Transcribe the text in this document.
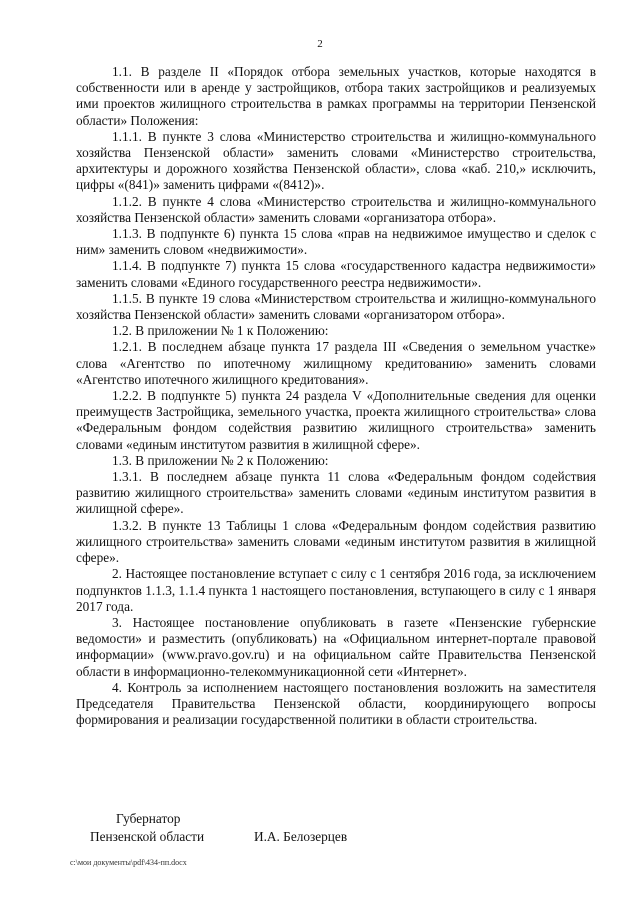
2

1.1. В разделе II «Порядок отбора земельных участков, которые находятся в собственности или в аренде у застройщиков, отбора таких застройщиков и реализуемых ими проектов жилищного строительства в рамках программы на территории Пензенской области» Положения:

1.1.1. В пункте 3 слова «Министерство строительства и жилищно-коммунального хозяйства Пензенской области» заменить словами «Министерство строительства, архитектуры и дорожного хозяйства Пензенской области», слова «каб. 210,» исключить, цифры «(841)» заменить цифрами «(8412)».

1.1.2. В пункте 4 слова «Министерство строительства и жилищно-коммунального хозяйства Пензенской области» заменить словами «организатора отбора».

1.1.3. В подпункте 6) пункта 15 слова «прав на недвижимое имущество и сделок с ним» заменить словом «недвижимости».

1.1.4. В подпункте 7) пункта 15 слова «государственного кадастра недвижимости» заменить словами «Единого государственного реестра недвижимости».

1.1.5. В пункте 19 слова «Министерством строительства и жилищно-коммунального хозяйства Пензенской области» заменить словами «организатором отбора».

1.2. В приложении № 1 к Положению:

1.2.1. В последнем абзаце пункта 17 раздела III «Сведения о земельном участке» слова «Агентство по ипотечному жилищному кредитованию» заменить словами «Агентство ипотечного жилищного кредитования».

1.2.2. В подпункте 5) пункта 24 раздела V «Дополнительные сведения для оценки преимуществ Застройщика, земельного участка, проекта жилищного строительства» слова «Федеральным фондом содействия развитию жилищного строительства» заменить словами «единым институтом развития в жилищной сфере».

1.3. В приложении № 2 к Положению:

1.3.1. В последнем абзаце пункта 11 слова «Федеральным фондом содействия развитию жилищного строительства» заменить словами «единым институтом развития в жилищной сфере».

1.3.2. В пункте 13 Таблицы 1 слова «Федеральным фондом содействия развитию жилищного строительства» заменить словами «единым институтом развития в жилищной сфере».

2. Настоящее постановление вступает с силу с 1 сентября 2016 года, за исключением подпунктов 1.1.3, 1.1.4 пункта 1 настоящего постановления, вступающего в силу с 1 января 2017 года.

3. Настоящее постановление опубликовать в газете «Пензенские губернские ведомости» и разместить (опубликовать) на «Официальном интернет-портале правовой информации» (www.pravo.gov.ru) и на официальном сайте Правительства Пензенской области в информационно-телекоммуникационной сети «Интернет».

4. Контроль за исполнением настоящего постановления возложить на заместителя Председателя Правительства Пензенской области, координирующего вопросы формирования и реализации государственной политики в области строительства.

Губернатор
Пензенской области	И.А. Белозерцев
c:\мои документы\pdf\434-пп.docx
